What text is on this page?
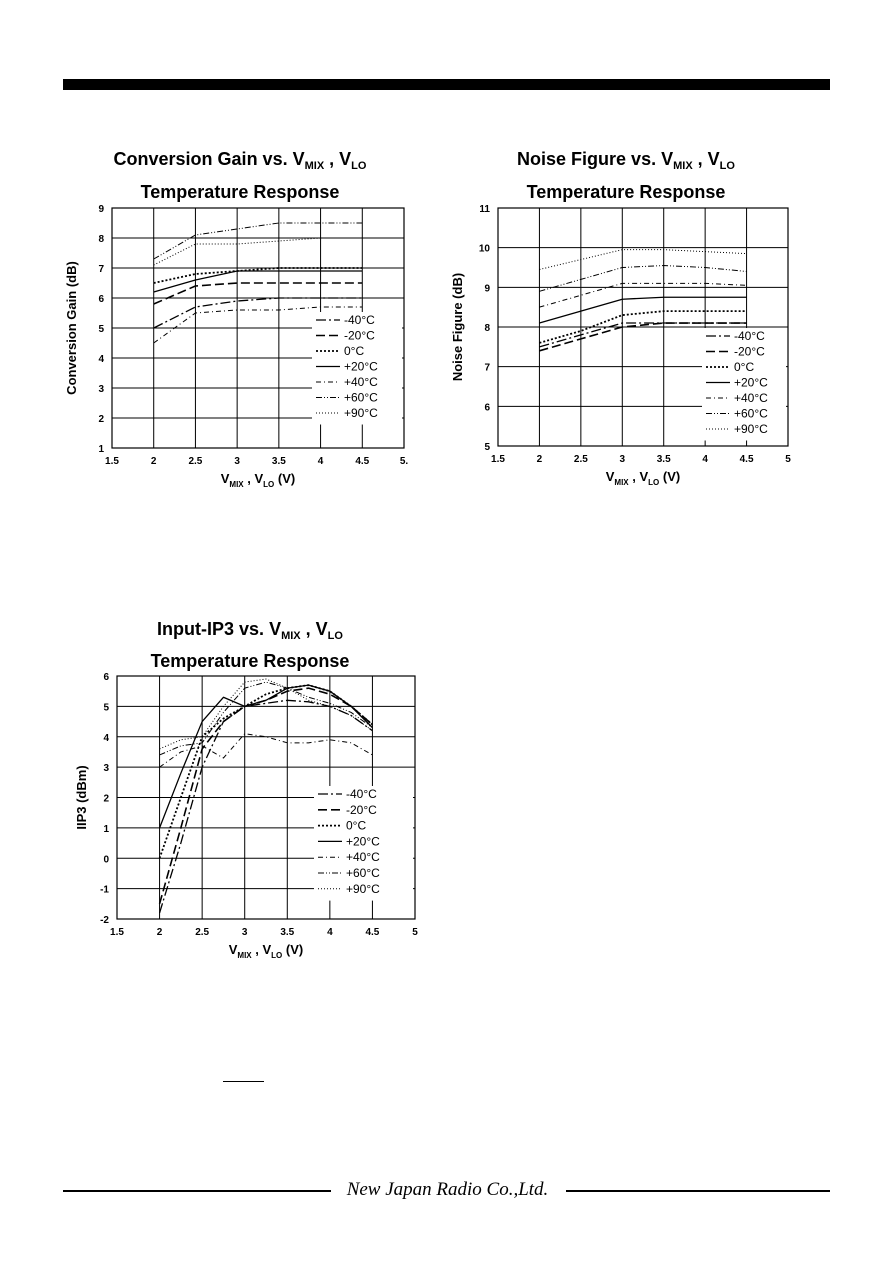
Conversion Gain vs. $V_{MIX}$ , $V_{LO}$
Temperature Response
1.5	2	2.5	3	3.5	4	4.5	5.
1
2
3
4
5
6
7
8
9
-40°C
-20°C
0°C
+20°C
+40°C
+60°C
+90°C
$V_{MIX}$ , $V_{LO}$ (V)
Conversion Gain (dB)
Noise Figure vs. $V_{MIX}$ , $V_{LO}$
Temperature Response
1.5	2	2.5	3	3.5	4	4.5	5
5
6
7
8
9
10
11
-40°C
-20°C
0°C
+20°C
+40°C
+60°C
+90°C
$V_{MIX}$ , $V_{LO}$ (V)
Noise Figure (dB)
Input-IP3 vs. $V_{MIX}$ , $V_{LO}$
Temperature Response
1.5	2	2.5	3	3.5	4	4.5	5
-2
-1
0
1
2
3
4
5
6
-40°C
-20°C
0°C
+20°C
+40°C
+60°C
+90°C
$V_{MIX}$ , $V_{LO}$ (V)
IIP3 (dBm)
New Japan Radio Co.,Ltd.
